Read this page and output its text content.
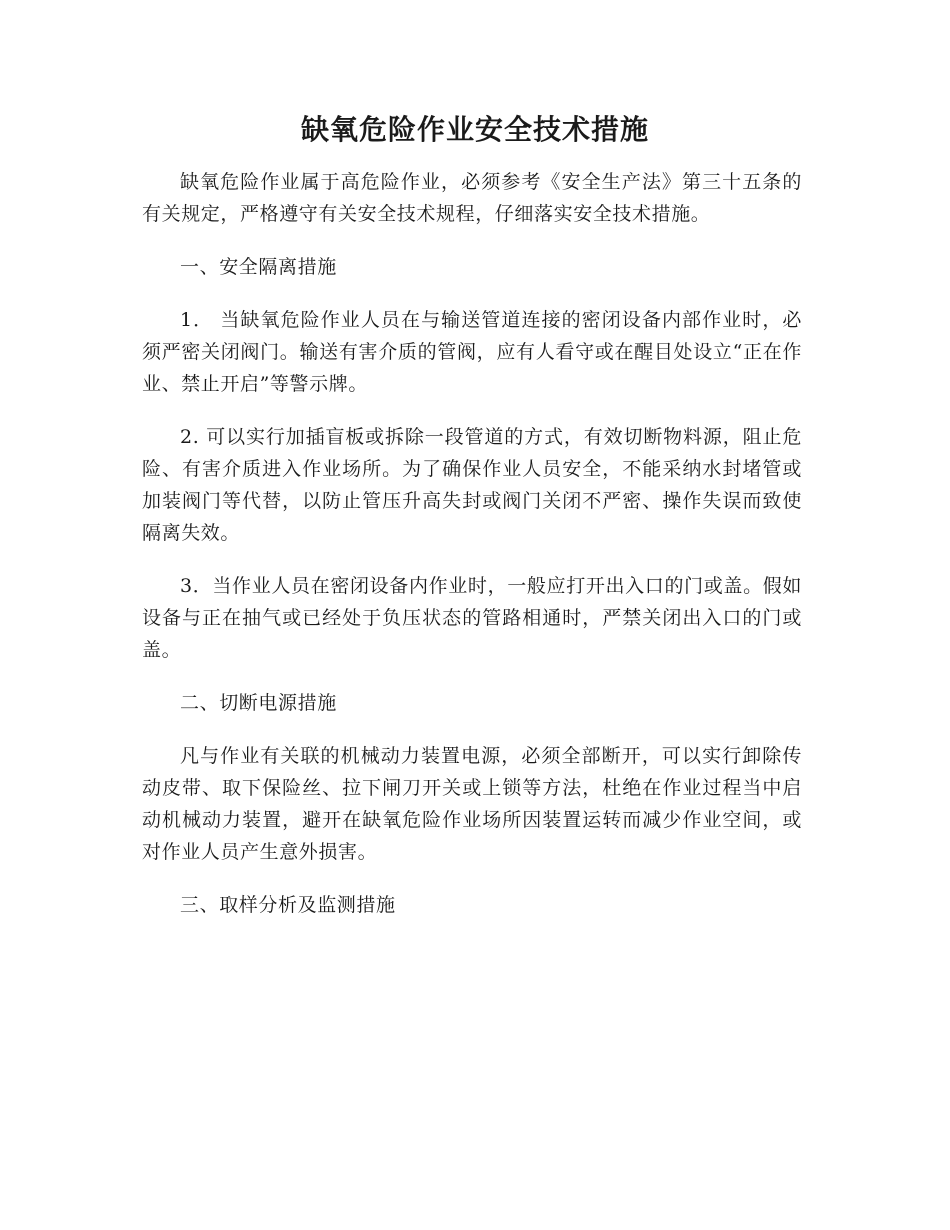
缺氧危险作业安全技术措施

缺氧危险作业属于高危险作业，必须参考《安全生产法》第三十五条的有关规定，严格遵守有关安全技术规程，仔细落实安全技术措施。

一、安全隔离措施

1． 当缺氧危险作业人员在与输送管道连接的密闭设备内部作业时，必须严密关闭阀门。输送有害介质的管阀，应有人看守或在醒目处设立“正在作业、禁止开启”等警示牌。

2. 可以实行加插盲板或拆除一段管道的方式，有效切断物料源，阻止危险、有害介质进入作业场所。为了确保作业人员安全，不能采纳水封堵管或加装阀门等代替，以防止管压升高失封或阀门关闭不严密、操作失误而致使隔离失效。

3．当作业人员在密闭设备内作业时，一般应打开出入口的门或盖。假如设备与正在抽气或已经处于负压状态的管路相通时，严禁关闭出入口的门或盖。

二、切断电源措施

凡与作业有关联的机械动力装置电源，必须全部断开，可以实行卸除传动皮带、取下保险丝、拉下闸刀开关或上锁等方法，杜绝在作业过程当中启动机械动力装置，避开在缺氧危险作业场所因装置运转而减少作业空间，或对作业人员产生意外损害。

三、取样分析及监测措施
